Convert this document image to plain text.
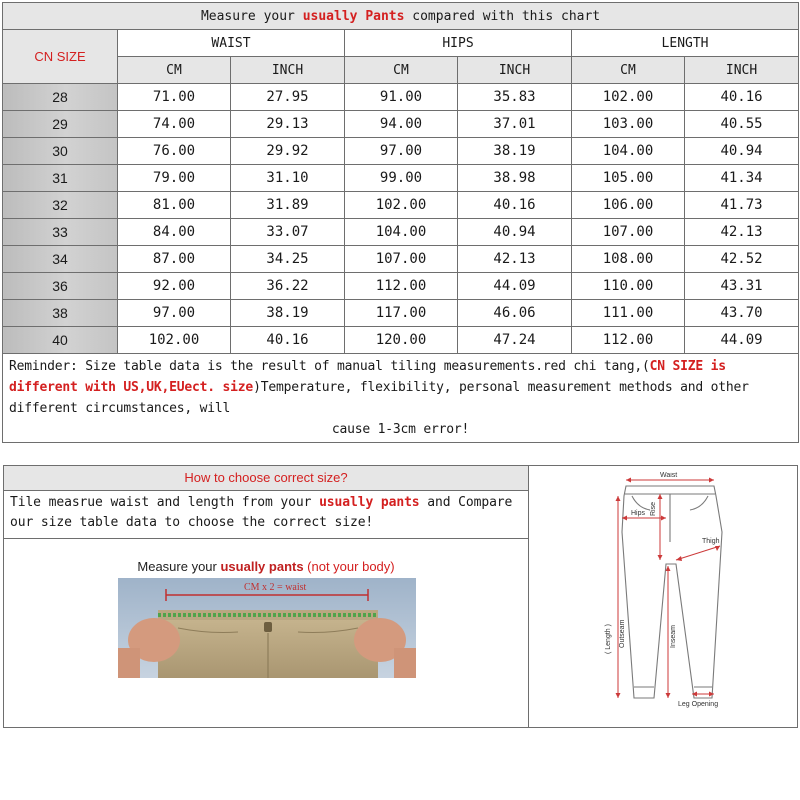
Measure your usually Pants compared with this chart						
CN SIZE	WAIST		HIPS		LENGTH	
	CM	INCH	CM	INCH	CM	INCH
28	71.00	27.95	91.00	35.83	102.00	40.16
29	74.00	29.13	94.00	37.01	103.00	40.55
30	76.00	29.92	97.00	38.19	104.00	40.94
31	79.00	31.10	99.00	38.98	105.00	41.34
32	81.00	31.89	102.00	40.16	106.00	41.73
33	84.00	33.07	104.00	40.94	107.00	42.13
34	87.00	34.25	107.00	42.13	108.00	42.52
36	92.00	36.22	112.00	44.09	110.00	43.31
38	97.00	38.19	117.00	46.06	111.00	43.70
40	102.00	40.16	120.00	47.24	112.00	44.09
Reminder: Size table data is the result of manual tiling measurements.red chi tang,(CN SIZE is different with US,UK,EUect. size)Temperature, flexibility, personal measurement methods and other different circumstances, will
cause 1-3cm error!						
How to choose correct size?
Tile measrue waist and length from your usually pants and Compare our size table data to choose the correct size!
Measure your usually pants (not your body)
CM x 2 = waist
Waist
Hips Rise
Thigh
Outseam
( Length )	Inseam
Leg Opening
